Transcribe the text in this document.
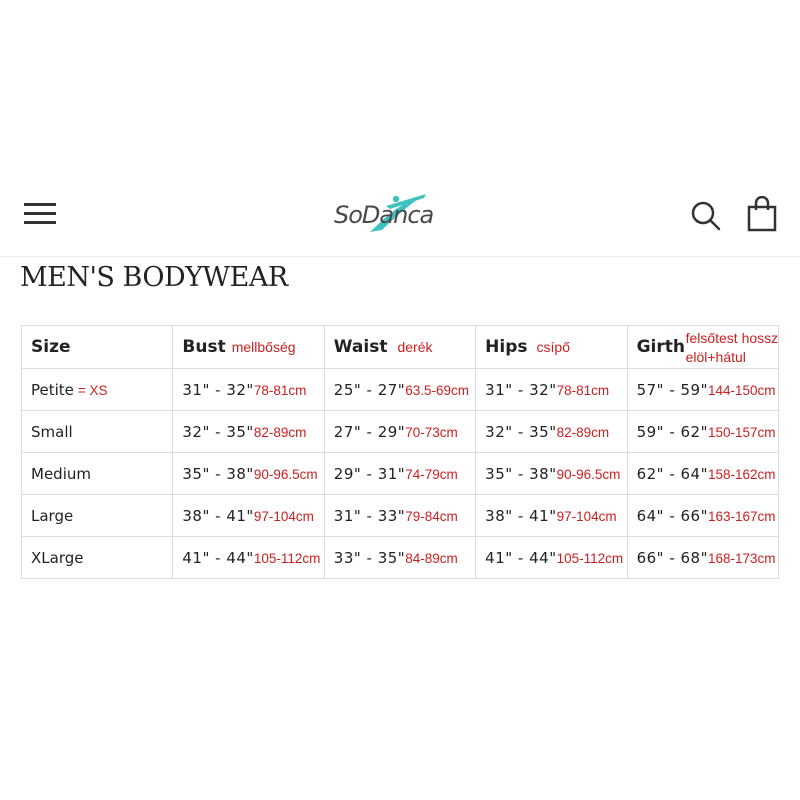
SoDanca
MEN'S BODYWEAR
Size	Bust mellbőség	Waist derék	Hips csípő	Girth felsőtest hossz
elöl+hátul

Petite = XS	31" - 32"78-81cm	25" - 27"63.5-69cm	31" - 32"78-81cm	57" - 59"144-150cm
Small	32" - 35"82-89cm	27" - 29"70-73cm	32" - 35"82-89cm	59" - 62"150-157cm
Medium	35" - 38"90-96.5cm	29" - 31"74-79cm	35" - 38"90-96.5cm	62" - 64"158-162cm
Large	38" - 41"97-104cm	31" - 33"79-84cm	38" - 41"97-104cm	64" - 66"163-167cm
XLarge	41" - 44"105-112cm	33" - 35"84-89cm	41" - 44"105-112cm	66" - 68"168-173cm
